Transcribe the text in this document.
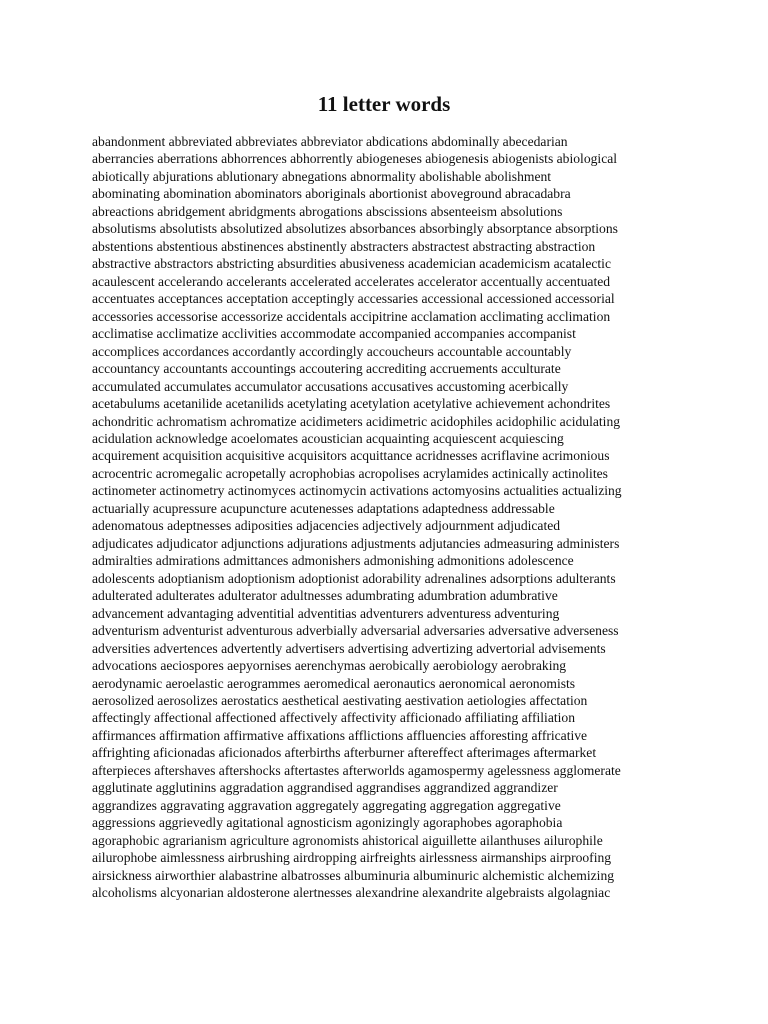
11 letter words
abandonment abbreviated abbreviates abbreviator abdications abdominally abecedarian
aberrancies aberrations abhorrences abhorrently abiogeneses abiogenesis abiogenists abiological
abiotically abjurations ablutionary abnegations abnormality abolishable abolishment
abominating abomination abominators aboriginals abortionist aboveground abracadabra
abreactions abridgement abridgments abrogations abscissions absenteeism absolutions
absolutisms absolutists absolutized absolutizes absorbances absorbingly absorptance absorptions
abstentions abstentious abstinences abstinently abstracters abstractest abstracting abstraction
abstractive abstractors abstricting absurdities abusiveness academician academicism acatalectic
acaulescent accelerando accelerants accelerated accelerates accelerator accentually accentuated
accentuates acceptances acceptation acceptingly accessaries accessional accessioned accessorial
accessories accessorise accessorize accidentals accipitrine acclamation acclimating acclimation
acclimatise acclimatize acclivities accommodate accompanied accompanies accompanist
accomplices accordances accordantly accordingly accoucheurs accountable accountably
accountancy accountants accountings accoutering accrediting accruements acculturate
accumulated accumulates accumulator accusations accusatives accustoming acerbically
acetabulums acetanilide acetanilids acetylating acetylation acetylative achievement achondrites
achondritic achromatism achromatize acidimeters acidimetric acidophiles acidophilic acidulating
acidulation acknowledge acoelomates acoustician acquainting acquiescent acquiescing
acquirement acquisition acquisitive acquisitors acquittance acridnesses acriflavine acrimonious
acrocentric acromegalic acropetally acrophobias acropolises acrylamides actinically actinolites
actinometer actinometry actinomyces actinomycin activations actomyosins actualities actualizing
actuarially acupressure acupuncture acutenesses adaptations adaptedness addressable
adenomatous adeptnesses adiposities adjacencies adjectively adjournment adjudicated
adjudicates adjudicator adjunctions adjurations adjustments adjutancies admeasuring administers
admiralties admirations admittances admonishers admonishing admonitions adolescence
adolescents adoptianism adoptionism adoptionist adorability adrenalines adsorptions adulterants
adulterated adulterates adulterator adultnesses adumbrating adumbration adumbrative
advancement advantaging adventitial adventitias adventurers adventuress adventuring
adventurism adventurist adventurous adverbially adversarial adversaries adversative adverseness
adversities advertences advertently advertisers advertising advertizing advertorial advisements
advocations aeciospores aepyornises aerenchymas aerobically aerobiology aerobraking
aerodynamic aeroelastic aerogrammes aeromedical aeronautics aeronomical aeronomists
aerosolized aerosolizes aerostatics aesthetical aestivating aestivation aetiologies affectation
affectingly affectional affectioned affectively affectivity afficionado affiliating affiliation
affirmances affirmation affirmative affixations afflictions affluencies afforesting affricative
affrighting aficionadas aficionados afterbirths afterburner aftereffect afterimages aftermarket
afterpieces aftershaves aftershocks aftertastes afterworlds agamospermy agelessness agglomerate
agglutinate agglutinins aggradation aggrandised aggrandises aggrandized aggrandizer
aggrandizes aggravating aggravation aggregately aggregating aggregation aggregative
aggressions aggrievedly agitational agnosticism agonizingly agoraphobes agoraphobia
agoraphobic agrarianism agriculture agronomists ahistorical aiguillette ailanthuses ailurophile
ailurophobe aimlessness airbrushing airdropping airfreights airlessness airmanships airproofing
airsickness airworthier alabastrine albatrosses albuminuria albuminuric alchemistic alchemizing
alcoholisms alcyonarian aldosterone alertnesses alexandrine alexandrite algebraists algolagniac
